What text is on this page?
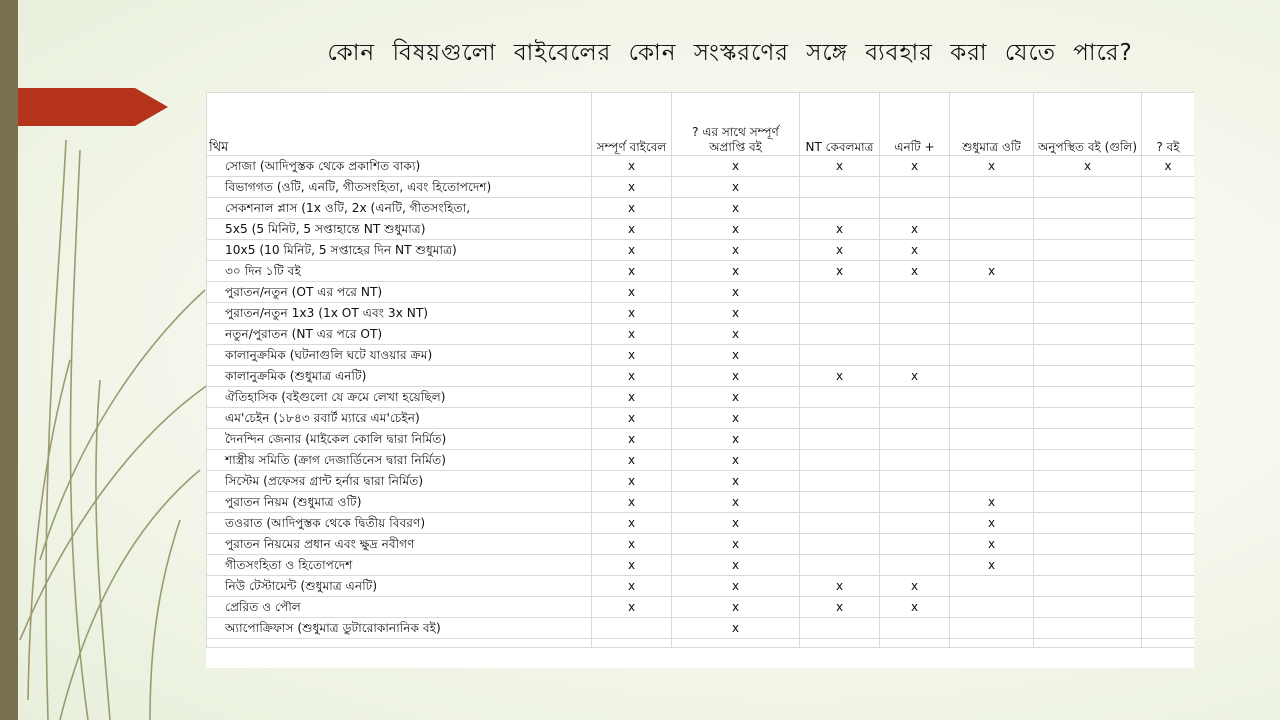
কোন বিষয়গুলো বাইবেলের কোন সংস্করণের সঙ্গে ব্যবহার করা যেতে পারে?
থিম	সম্পূর্ণ বাইবেল	? এর সাথে সম্পূর্ণ অপ্রাপ্তি বই	NT কেবলমাত্র	এনটি +	শুধুমাত্র ওটি	অনুপস্থিত বই (গুলি)	? বই
সোজা (আদিপুস্তক থেকে প্রকাশিত বাক্য)	x	x	x	x	x	x	x
বিভাগগত (ওটি, এনটি, গীতসংহিতা, এবং হিতোপদেশ)	x	x					
সেকশনাল প্লাস (1x ওটি, 2x (এনটি, গীতসংহিতা,	x	x					
5x5 (5 মিনিট, 5 সপ্তাহান্তে NT শুধুমাত্র)	x	x	x	x			
10x5 (10 মিনিট, 5 সপ্তাহের দিন NT শুধুমাত্র)	x	x	x	x			
৩০ দিন ১টি বই	x	x	x	x	x		
পুরাতন/নতুন (OT এর পরে NT)	x	x					
পুরাতন/নতুন 1x3 (1x OT এবং 3x NT)	x	x					
নতুন/পুরাতন (NT এর পরে OT)	x	x					
কালানুক্রমিক (ঘটনাগুলি ঘটে যাওয়ার ক্রম)	x	x					
কালানুক্রমিক (শুধুমাত্র এনটি)	x	x	x	x			
ঐতিহাসিক (বইগুলো যে ক্রমে লেখা হয়েছিল)	x	x					
এম'চেইন (১৮৪৩ রবার্ট ম্যারে এম'চেইন)	x	x					
দৈনন্দিন জেনার (মাইকেল কোলি দ্বারা নির্মিত)	x	x					
শাস্ত্রীয় সমিতি (ক্রাগ দেজার্ডিনেস দ্বারা নির্মিত)	x	x					
সিস্টেম (প্রফেসর গ্রান্ট হর্নার দ্বারা নির্মিত)	x	x					
পুরাতন নিয়ম (শুধুমাত্র ওটি)	x	x			x		
তওরাত (আদিপুস্তক থেকে দ্বিতীয় বিবরণ)	x	x			x		
পুরাতন নিয়মের প্রধান এবং ক্ষুদ্র নবীগণ	x	x			x		
গীতসংহিতা ও হিতোপদেশ	x	x			x		
নিউ টেস্টামেন্ট (শুধুমাত্র এনটি)	x	x	x	x			
প্রেরিত ও পৌল	x	x	x	x			
অ্যাপোক্রিফাস (শুধুমাত্র ডুটারোকানানিক বই)		x					
